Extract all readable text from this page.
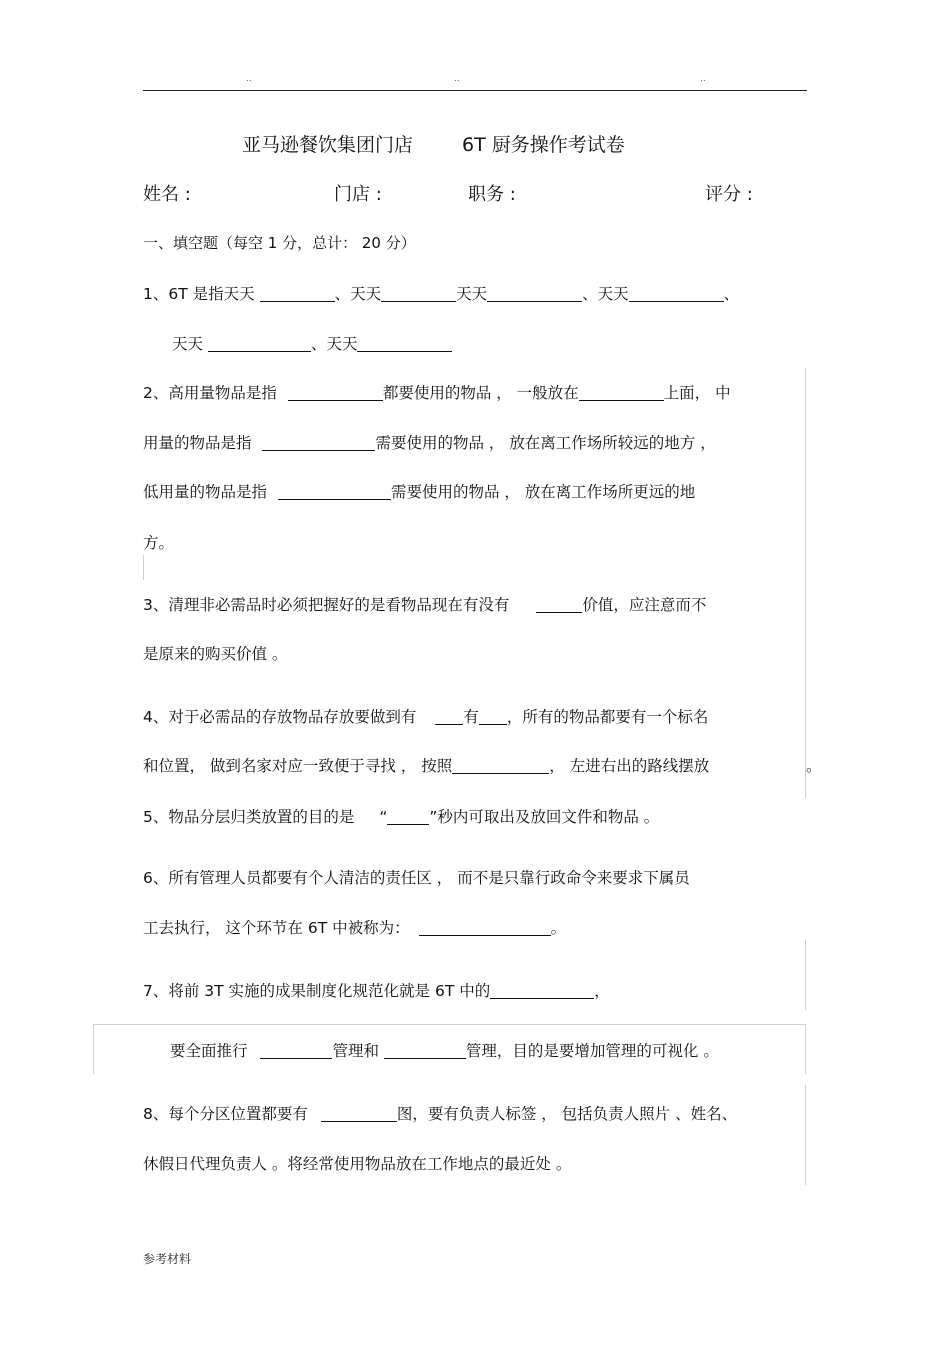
..	..	..
亚马逊餐饮集团门店	6T 厨务操作考试卷
姓名 :	门店 :	职务 :	评分 :
一、填空题（每空 1 分，总计： 20 分）
1、6T 是指天天	、天天	天天	、天天	、
天天	、天天
2、高用量物品是指	都要使用的物品 ， 一般放在	上面， 中
用量的物品是指	需要使用的物品 ， 放在离工作场所较远的地方 ，
低用量的物品是指	需要使用的物品 ， 放在离工作场所更远的地
方。
3、清理非必需品时必须把握好的是看物品现在有没有	价值，应注意而不
是原来的购买价值 。
4、对于必需品的存放物品存放要做到有	有 ，所有的物品都要有一个标名
和位置， 做到名家对应一致便于寻找 ， 按照	， 左进右出的路线摆放	。
5、物品分层归类放置的目的是 “	”秒内可取出及放回文件和物品 。
6、所有管理人员都要有个人清洁的责任区 ， 而不是只靠行政命令来要求下属员
工去执行， 这个环节在 6T 中被称为：	。
7、将前 3T 实施的成果制度化规范化就是 6T 中的	，
要全面推行	管理和	管理，目的是要增加管理的可视化 。
8、每个分区位置都要有	图，要有负责人标签 ， 包括负责人照片 、姓名、
休假日代理负责人 。将经常使用物品放在工作地点的最近处 。
参考材料
